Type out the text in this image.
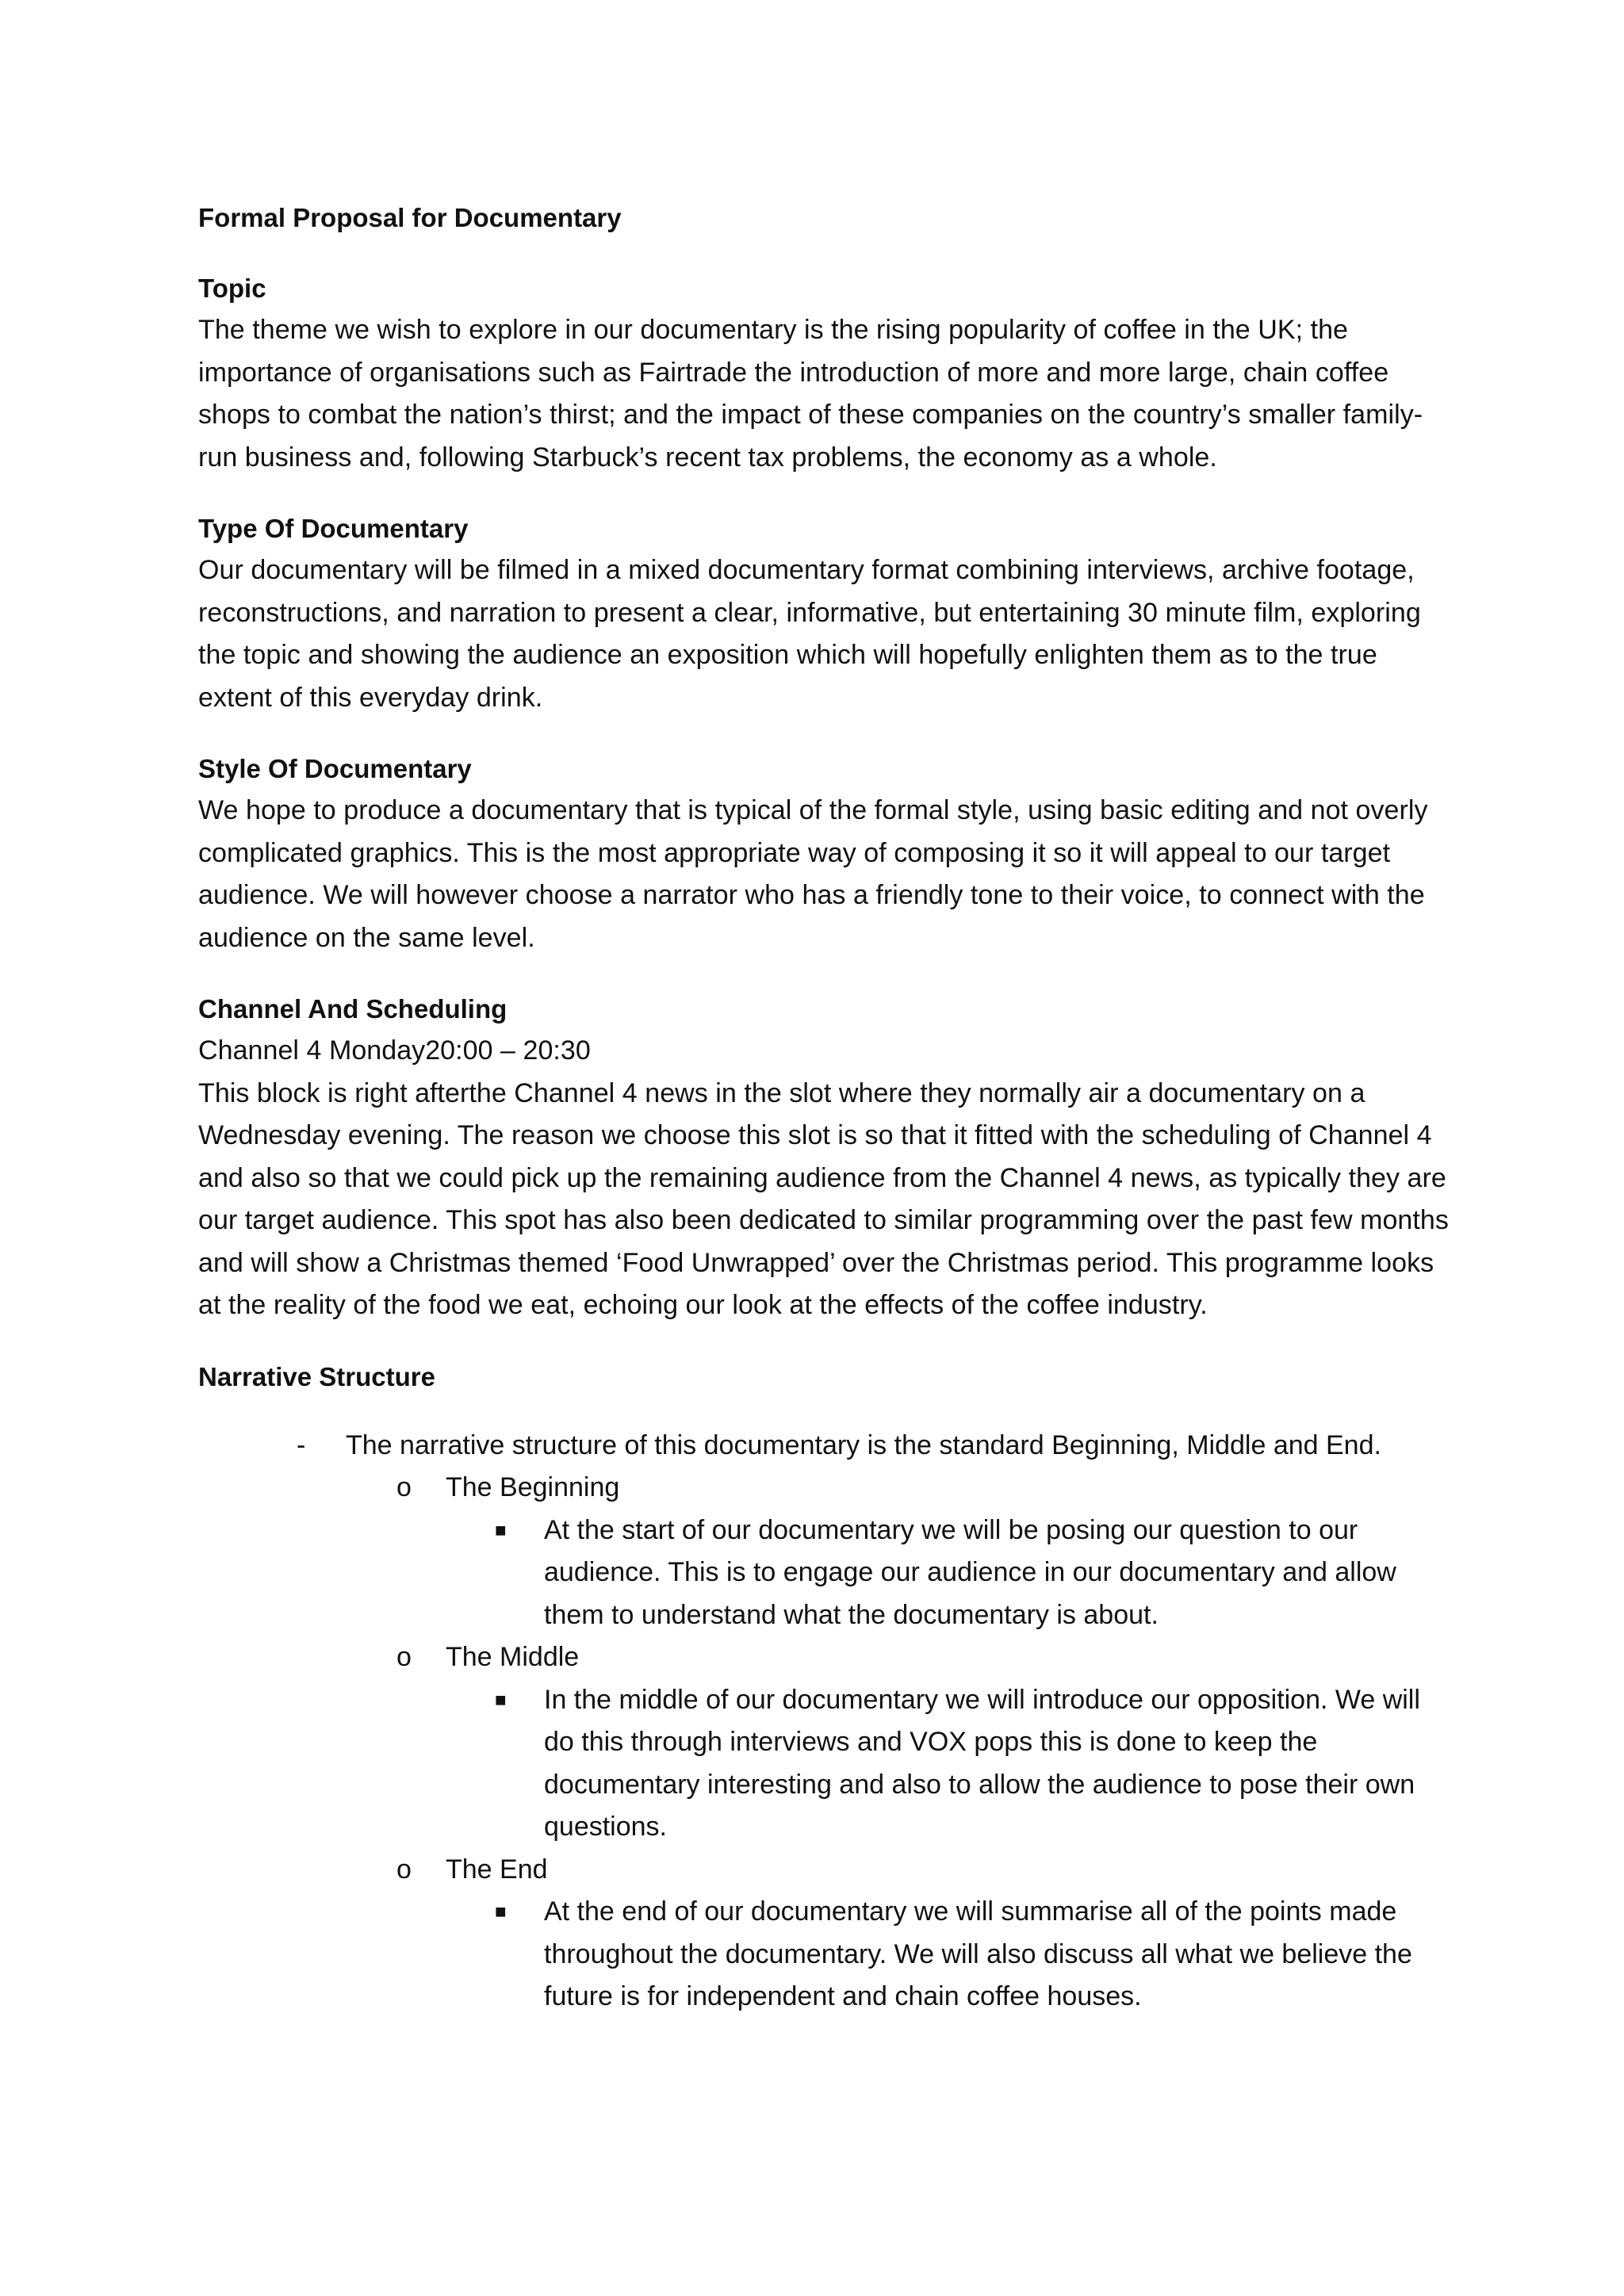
Formal Proposal for Documentary

Topic

The theme we wish to explore in our documentary is the rising popularity of coffee in the UK; the importance of organisations such as Fairtrade the introduction of more and more large, chain coffee shops to combat the nation’s thirst; and the impact of these companies on the country’s smaller family-run business and, following Starbuck’s recent tax problems, the economy as a whole.

Type Of Documentary

Our documentary will be filmed in a mixed documentary format combining interviews, archive footage, reconstructions, and narration to present a clear, informative, but entertaining 30 minute film, exploring the topic and showing the audience an exposition which will hopefully enlighten them as to the true extent of this everyday drink.

Style Of Documentary

We hope to produce a documentary that is typical of the formal style, using basic editing and not overly complicated graphics. This is the most appropriate way of composing it so it will appeal to our target audience. We will however choose a narrator who has a friendly tone to their voice, to connect with the audience on the same level.

Channel And Scheduling

Channel 4 Monday20:00 – 20:30

This block is right afterthe Channel 4 news in the slot where they normally air a documentary on a Wednesday evening. The reason we choose this slot is so that it fitted with the scheduling of Channel 4 and also so that we could pick up the remaining audience from the Channel 4 news, as typically they are our target audience. This spot has also been dedicated to similar programming over the past few months and will show a Christmas themed ‘Food Unwrapped’ over the Christmas period. This programme looks at the reality of the food we eat, echoing our look at the effects of the coffee industry.

Narrative Structure

- The narrative structure of this documentary is the standard Beginning, Middle and End.
o The Beginning
■ At the start of our documentary we will be posing our question to our audience. This is to engage our audience in our documentary and allow them to understand what the documentary is about.
o The Middle
■ In the middle of our documentary we will introduce our opposition. We will do this through interviews and VOX pops this is done to keep the documentary interesting and also to allow the audience to pose their own questions.
o The End
■ At the end of our documentary we will summarise all of the points made throughout the documentary. We will also discuss all what we believe the future is for independent and chain coffee houses.
